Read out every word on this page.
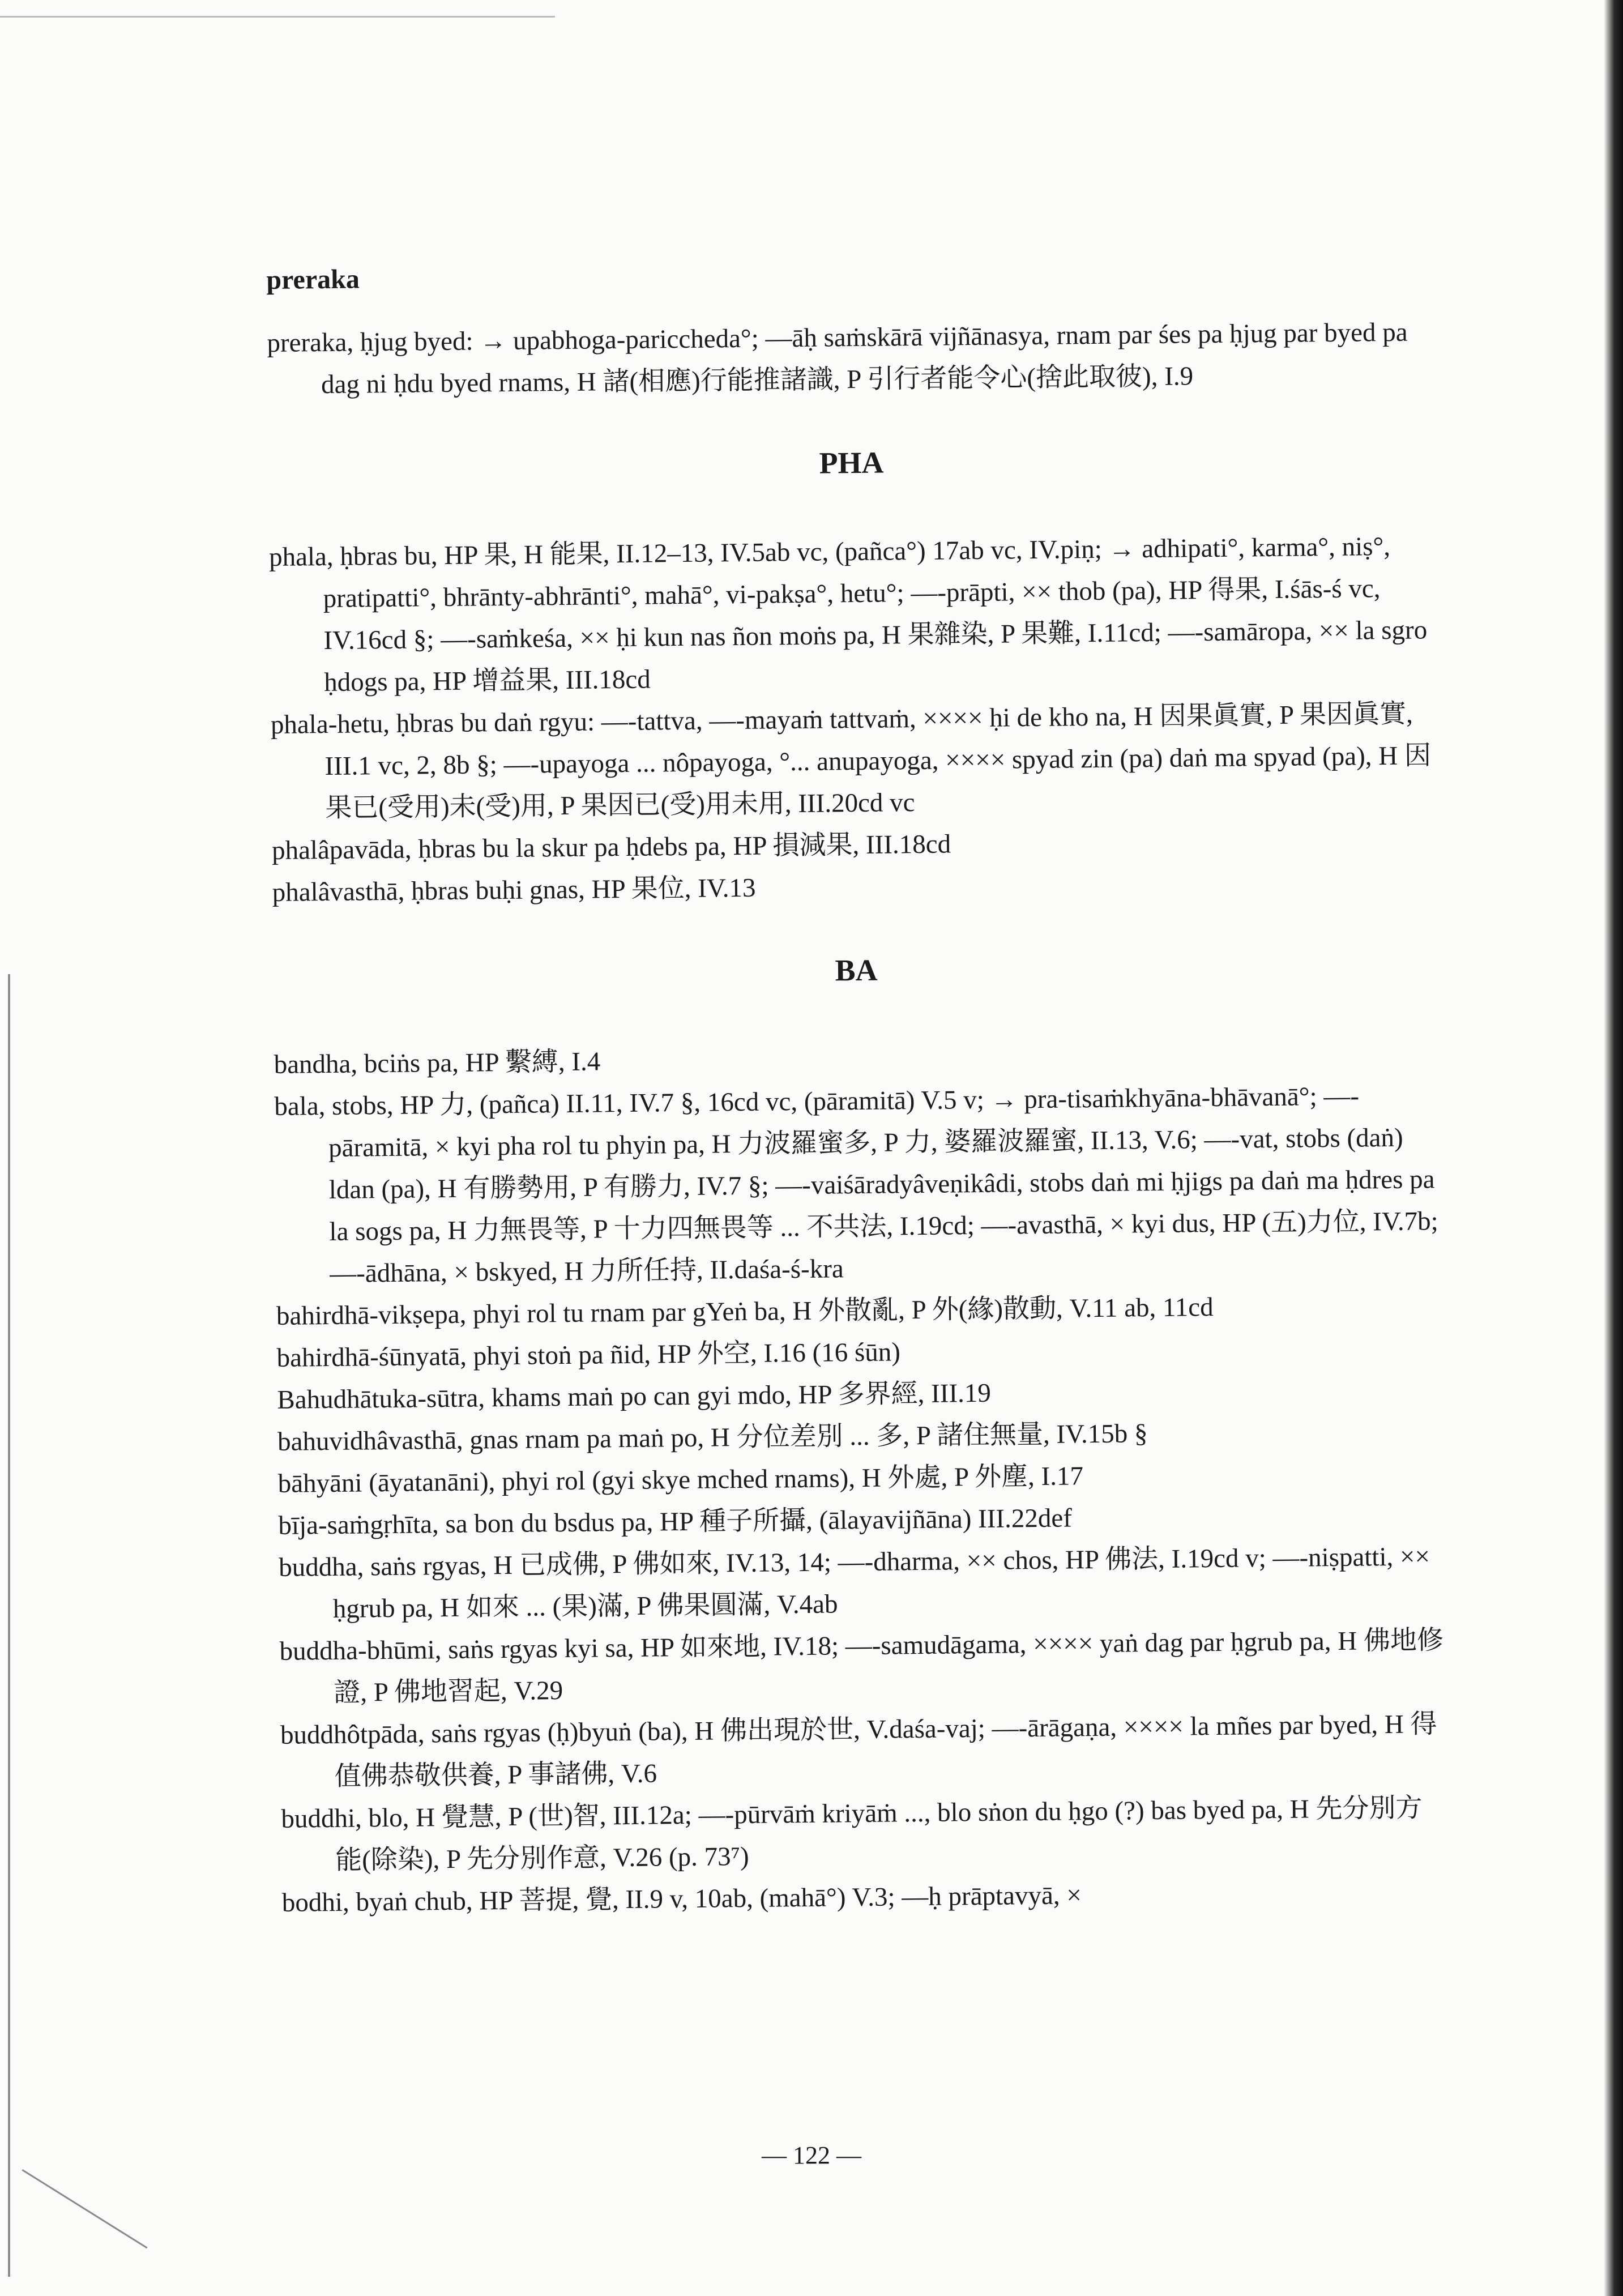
preraka

preraka, ḥjug byed: → upabhoga-pariccheda°; —āḥ saṁskārā vijñānasya, rnam par śes pa ḥjug par byed pa dag ni ḥdu byed rnams, H 諸(相應)行能推諸識, P 引行者能令心(捨此取彼), I.9

PHA

phala, ḥbras bu, HP 果, H 能果, II.12–13, IV.5ab vc, (pañca°) 17ab vc, IV.piṇ; → adhipati°, karma°, niṣ°, pratipatti°, bhrānty-abhrānti°, mahā°, vi-pakṣa°, hetu°; —-prāpti, ×× thob (pa), HP 得果, I.śās-ś vc, IV.16cd §; —-saṁkeśa, ×× ḥi kun nas ñon moṅs pa, H 果雜染, P 果難, I.11cd; —-samāropa, ×× la sgro ḥdogs pa, HP 增益果, III.18cd

phala-hetu, ḥbras bu daṅ rgyu: —-tattva, —-mayaṁ tattvaṁ, ×××× ḥi de kho na, H 因果眞實, P 果因眞實, III.1 vc, 2, 8b §; —-upayoga ... nôpayoga, °... anupayoga, ×××× spyad zin (pa) daṅ ma spyad (pa), H 因果已(受用)未(受)用, P 果因已(受)用未用, III.20cd vc

phalâpavāda, ḥbras bu la skur pa ḥdebs pa, HP 損減果, III.18cd

phalâvasthā, ḥbras buḥi gnas, HP 果位, IV.13

BA

bandha, bciṅs pa, HP 繫縛, I.4

bala, stobs, HP 力, (pañca) II.11, IV.7 §, 16cd vc, (pāramitā) V.5 v; → pra-tisaṁkhyāna-bhāvanā°; —-pāramitā, × kyi pha rol tu phyin pa, H 力波羅蜜多, P 力, 婆羅波羅蜜, II.13, V.6; —-vat, stobs (daṅ) ldan (pa), H 有勝勢用, P 有勝力, IV.7 §; —-vaiśāradyâveṇikâdi, stobs daṅ mi ḥjigs pa daṅ ma ḥdres pa la sogs pa, H 力無畏等, P 十力四無畏等 ... 不共法, I.19cd; —-avasthā, × kyi dus, HP (五)力位, IV.7b; —-ādhāna, × bskyed, H 力所任持, II.daśa-ś-kra

bahirdhā-vikṣepa, phyi rol tu rnam par gYeṅ ba, H 外散亂, P 外(緣)散動, V.11 ab, 11cd

bahirdhā-śūnyatā, phyi stoṅ pa ñid, HP 外空, I.16 (16 śūn)

Bahudhātuka-sūtra, khams maṅ po can gyi mdo, HP 多界經, III.19

bahuvidhâvasthā, gnas rnam pa maṅ po, H 分位差別 ... 多, P 諸住無量, IV.15b §

bāhyāni (āyatanāni), phyi rol (gyi skye mched rnams), H 外處, P 外塵, I.17

bīja-saṁgṛhīta, sa bon du bsdus pa, HP 種子所攝, (ālayavijñāna) III.22def

buddha, saṅs rgyas, H 已成佛, P 佛如來, IV.13, 14; —-dharma, ×× chos, HP 佛法, I.19cd v; —-niṣpatti, ×× ḥgrub pa, H 如來 ... (果)滿, P 佛果圓滿, V.4ab

buddha-bhūmi, saṅs rgyas kyi sa, HP 如來地, IV.18; —-samudāgama, ×××× yaṅ dag par ḥgrub pa, H 佛地修證, P 佛地習起, V.29

buddhôtpāda, saṅs rgyas (ḥ)byuṅ (ba), H 佛出現於世, V.daśa-vaj; —-ārāgaṇa, ×××× la mñes par byed, H 得值佛恭敬供養, P 事諸佛, V.6

buddhi, blo, H 覺慧, P (世)智, III.12a; —-pūrvāṁ kriyāṁ ..., blo sṅon du ḥgo (?) bas byed pa, H 先分別方能(除染), P 先分別作意, V.26 (p. 73⁷)

bodhi, byaṅ chub, HP 菩提, 覺, II.9 v, 10ab, (mahā°) V.3; —ḥ prāptavyā, ×

— 122 —
